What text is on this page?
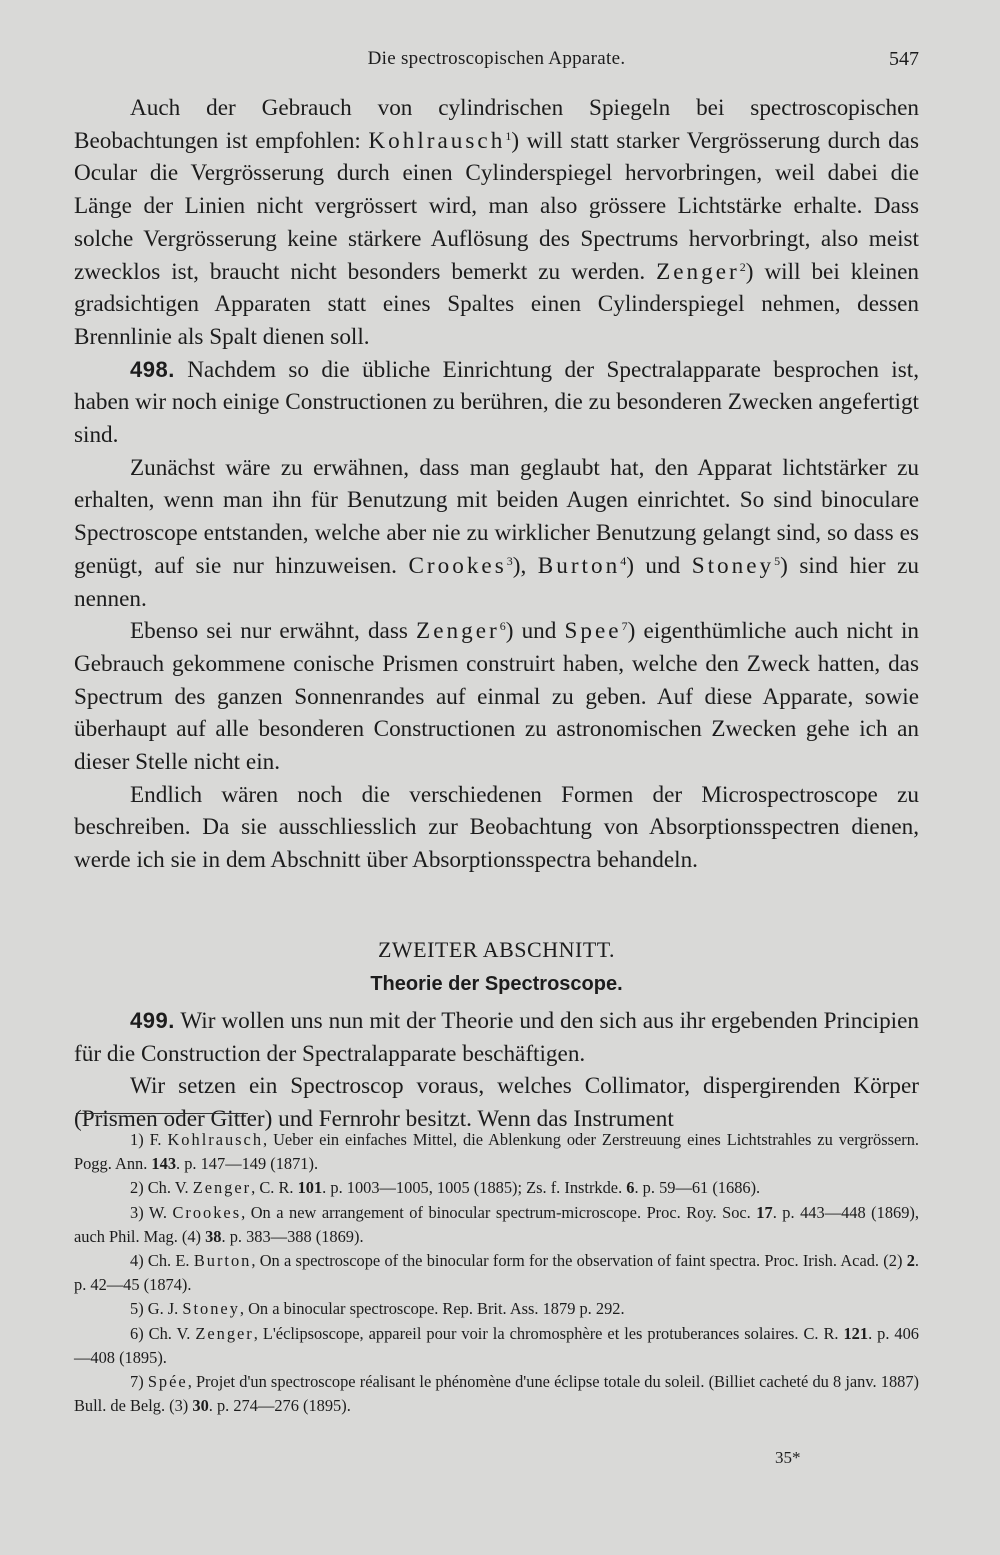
Die spectroscopischen Apparate.	547

Auch der Gebrauch von cylindrischen Spiegeln bei spectroscopischen Beobachtungen ist empfohlen: Kohlrausch$^1$) will statt starker Vergrösserung durch das Ocular die Vergrösserung durch einen Cylinderspiegel hervorbringen, weil dabei die Länge der Linien nicht vergrössert wird, man also grössere Lichtstärke erhalte. Dass solche Vergrösserung keine stärkere Auflösung des Spectrums hervorbringt, also meist zwecklos ist, braucht nicht besonders bemerkt zu werden. Zenger$^2$) will bei kleinen gradsichtigen Apparaten statt eines Spaltes einen Cylinderspiegel nehmen, dessen Brennlinie als Spalt dienen soll.

498. Nachdem so die übliche Einrichtung der Spectralapparate besprochen ist, haben wir noch einige Constructionen zu berühren, die zu besonderen Zwecken angefertigt sind.

Zunächst wäre zu erwähnen, dass man geglaubt hat, den Apparat lichtstärker zu erhalten, wenn man ihn für Benutzung mit beiden Augen einrichtet. So sind binoculare Spectroscope entstanden, welche aber nie zu wirklicher Benutzung gelangt sind, so dass es genügt, auf sie nur hinzuweisen. Crookes$^3$), Burton$^4$) und Stoney$^5$) sind hier zu nennen.

Ebenso sei nur erwähnt, dass Zenger$^6$) und Spee$^7$) eigenthümliche auch nicht in Gebrauch gekommene conische Prismen construirt haben, welche den Zweck hatten, das Spectrum des ganzen Sonnenrandes auf einmal zu geben. Auf diese Apparate, sowie überhaupt auf alle besonderen Constructionen zu astronomischen Zwecken gehe ich an dieser Stelle nicht ein.

Endlich wären noch die verschiedenen Formen der Microspectroscope zu beschreiben. Da sie ausschliesslich zur Beobachtung von Absorptionsspectren dienen, werde ich sie in dem Abschnitt über Absorptionsspectra behandeln.

ZWEITER ABSCHNITT.
Theorie der Spectroscope.

499. Wir wollen uns nun mit der Theorie und den sich aus ihr ergebenden Principien für die Construction der Spectralapparate beschäftigen.

Wir setzen ein Spectroscop voraus, welches Collimator, dispergirenden Körper (Prismen oder Gitter) und Fernrohr besitzt. Wenn das Instrument

1) F. Kohlrausch, Ueber ein einfaches Mittel, die Ablenkung oder Zerstreuung eines Lichtstrahles zu vergrössern. Pogg. Ann. 143. p. 147—149 (1871).

2) Ch. V. Zenger, C. R. 101. p. 1003—1005, 1005 (1885); Zs. f. Instrkde. 6. p. 59—61 (1686).

3) W. Crookes, On a new arrangement of binocular spectrum-microscope. Proc. Roy. Soc. 17. p. 443—448 (1869), auch Phil. Mag. (4) 38. p. 383—388 (1869).

4) Ch. E. Burton, On a spectroscope of the binocular form for the observation of faint spectra. Proc. Irish. Acad. (2) 2. p. 42—45 (1874).

5) G. J. Stoney, On a binocular spectroscope. Rep. Brit. Ass. 1879 p. 292.

6) Ch. V. Zenger, L'éclipsoscope, appareil pour voir la chromosphère et les protuberances solaires. C. R. 121. p. 406—408 (1895).

7) Spée, Projet d'un spectroscope réalisant le phénomène d'une éclipse totale du soleil. (Billiet cacheté du 8 janv. 1887) Bull. de Belg. (3) 30. p. 274—276 (1895).

35*
